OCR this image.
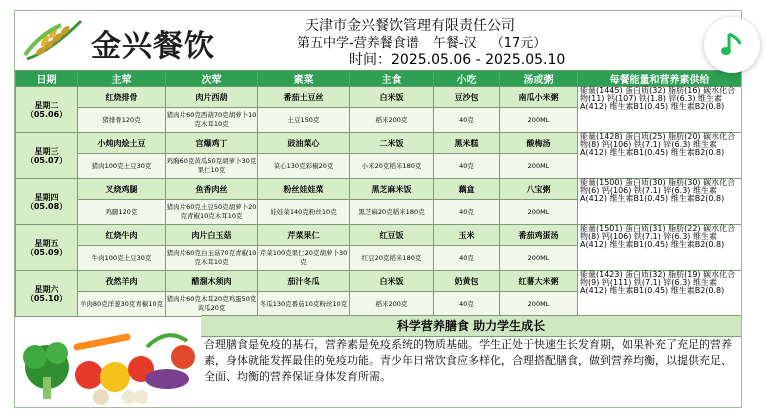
金兴餐饮
天津市金兴餐饮管理有限责任公司
第五中学-营养餐食谱 午餐-汉 （17元）
时间：2025.05.06 - 2025.05.10
日期	主荤	次荤	素菜	主食	小吃	汤或粥	每餐能量和营养素供给
星期二（05.06）	红烧排骨	肉片西葫	番茄土豆丝	白米饭	豆沙包	南瓜小米粥	能量(1445) 蛋白质(32) 脂肪(16) 碳水化合物(11) 钙(107) 铁(1.8) 锌(6.3) 维生素A(412) 维生素B1(0.45) 维生素B2(0.8)
	猪排骨120克	猪肉片60克西葫70克胡萝卜10克木耳10克	土豆150克	稻米200克	40克	200ML	
星期三（05.07）	小炖肉烩土豆	宫爆鸡丁	豉油菜心	二米饭	黑米糕	酸梅汤	能量(1428) 蛋白质(25) 脂肪(20) 碳水化合物(8) 钙(106) 铁(7.1) 锌(6.3) 维生素A(412) 维生素B1(0.45) 维生素B2(0.8)
	猪肉100克土豆30克	鸡胸60克黄瓜50克胡萝卜30克果仁10克	菜心130克彩椒20克	小米20克稻米180克	40克	200ML	
星期四（05.08）	叉烧鸡腿	鱼香肉丝	粉丝娃娃菜	黑芝麻米饭	藕盒	八宝粥	能量(1500) 蛋白质(30) 脂肪(30) 碳水化合物(6) 钙(106) 铁(7.1) 锌(6.3) 维生素A(412) 维生素B1(0.45) 维生素B2(0.8)
	鸡腿120克	猪肉片60克土豆50克胡萝卜20克青椒10克木耳10克	娃娃菜140克粉丝10克	黑芝麻20克稻米180克	40克	200ML	
星期五（05.09）	红烧牛肉	肉片白玉菇	芹菜果仁	红豆饭	玉米	番茄鸡蛋汤	能量(1501) 蛋白质(31) 脂肪(22) 碳水化合物(8) 钙(106) 铁(7.1) 锌(6.3) 维生素A(412) 维生素B1(0.45) 维生素B2(0.8)
	牛肉100克土豆30克	猪肉片60克白玉菇70克青椒10克木耳10克	芹菜100克果仁20克胡萝卜30克	红豆20克稻米180克	40克	200ML	
星期六（05.10）	孜然羊肉	醋溜木须肉	茄汁冬瓜	白米饭	奶黄包	红薯大米粥	能量(1423) 蛋白质(32) 脂肪(19) 碳水化合物(9) 钙(111) 铁(7.1) 锌(6.3) 维生素A(412) 维生素B1(0.45) 维生素B2(0.8)
	羊肉80克洋葱30克青椒10克	猪肉片60克木耳20克鸡蛋50克黄瓜20克	冬瓜130克番茄10克粉丝10克	稻米200克	40克	200ML	
科学营养膳食 助力学生成长
合理膳食是免疫的基石，营养素是免疫系统的物质基础。学生正处于快速生长发育期，如果补充了充足的营养素，身体就能发挥最佳的免疫功能。青少年日常饮食应多样化，合理搭配膳食，做到营养均衡，以提供充足、全面、均衡的营养保证身体发育所需。
